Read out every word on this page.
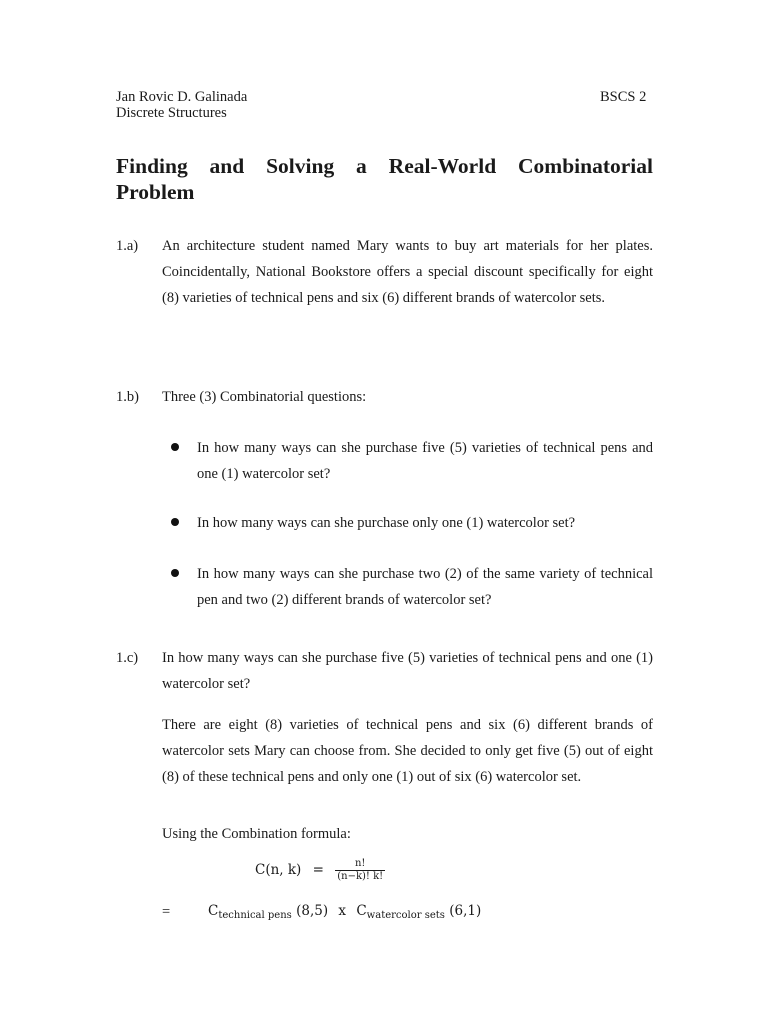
Jan Rovic D. Galinada
Discrete Structures
BSCS 2
Finding and Solving a Real-World Combinatorial Problem
1.a) An architecture student named Mary wants to buy art materials for her plates. Coincidentally, National Bookstore offers a special discount specifically for eight (8) varieties of technical pens and six (6) different brands of watercolor sets.
1.b) Three (3) Combinatorial questions:
In how many ways can she purchase five (5) varieties of technical pens and one (1) watercolor set?
In how many ways can she purchase only one (1) watercolor set?
In how many ways can she purchase two (2) of the same variety of technical pen and two (2) different brands of watercolor set?
1.c) In how many ways can she purchase five (5) varieties of technical pens and one (1) watercolor set?
There are eight (8) varieties of technical pens and six (6) different brands of watercolor sets Mary can choose from. She decided to only get five (5) out of eight (8) of these technical pens and only one (1) out of six (6) watercolor set.
Using the Combination formula:
C(n, $k) = \frac{n!}{(n-k)! k!}$
=	$C_{technical pens}$ (8,5) x $C_{watercolor sets}$ (6,1)
